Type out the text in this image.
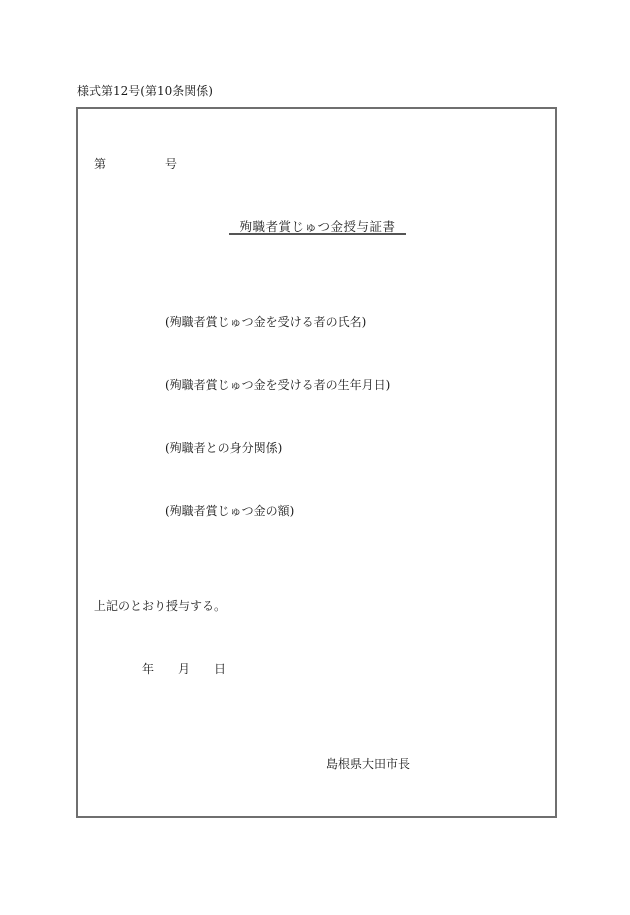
様式第12号(第10条関係)
第	号
殉職者賞じゅつ金授与証書
(殉職者賞じゅつ金を受ける者の氏名)
(殉職者賞じゅつ金を受ける者の生年月日)
(殉職者との身分関係)
(殉職者賞じゅつ金の額)
上記のとおり授与する。
年 月 日
島根県大田市長
